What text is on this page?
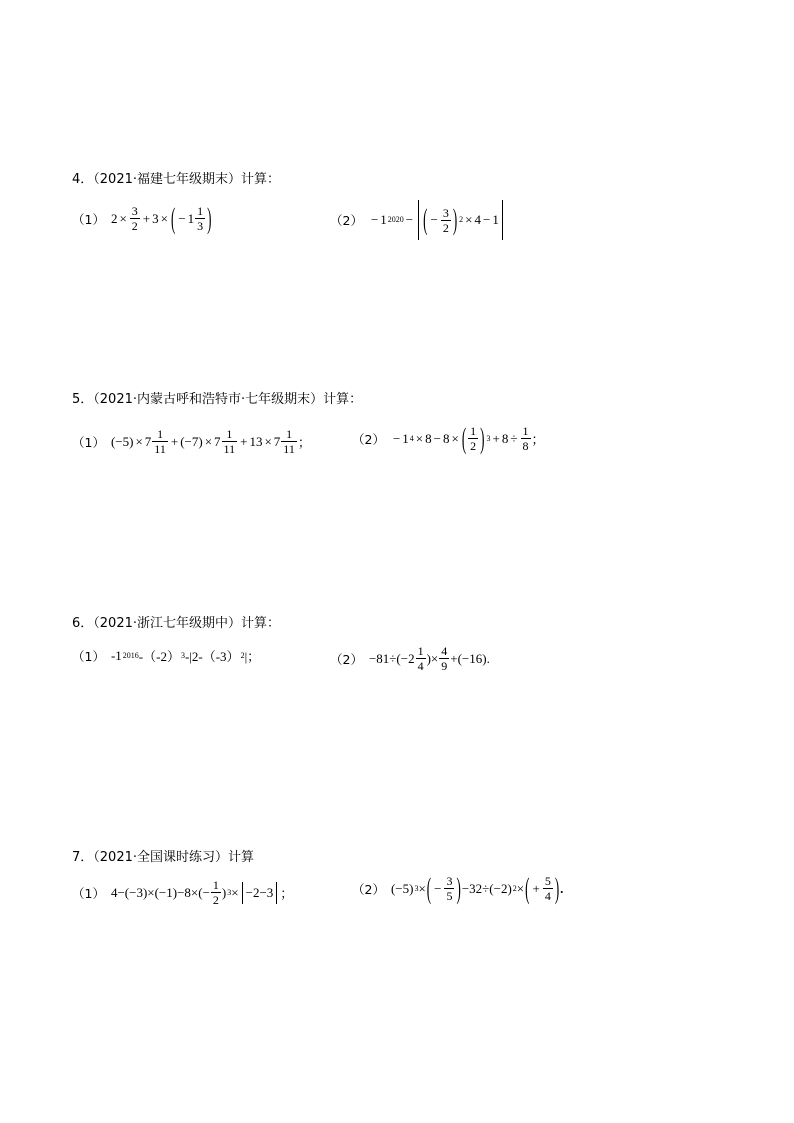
4．（2021·福建七年级期末）计算：
（1） $2 \times \frac{3}{2} + 3$ × ( − $1 \frac{1}{3}$ )	（2） − 1 2020 − ( − $\frac{3}{2}$ ) 2 × 4 − 1
5．（2021·内蒙古呼和浩特市·七年级期末）计算：
（1） $(-5) \times 7 \frac{1}{11} + (-7) \times 7 \frac{1}{11} + 13 \times 7 \frac{1}{11}$ ；	（2） − 1 4 × 8 − 8 × ( $\frac{1}{2}$ ) $3 + 8 \div \frac{1}{8}$ ；
6．（2021·浙江七年级期中）计算：
（1） -1 2016 -（-2） 3 -|2-（-3） 2 |；	$(2) -81\div(-2 \frac{1}{4}$ )× $\frac{4}{9} +(-16)$.
7．（2021·全国课时练习）计算
（1） $4-(-3)\times(-1)-8\times(- \frac{1}{2}$ ) 3 × −2−3 ；	（2） (−5) 3 × ( − $\frac{3}{5}$ ) −32÷(−2) 2 × ( + $\frac{5}{4}$ ) .
